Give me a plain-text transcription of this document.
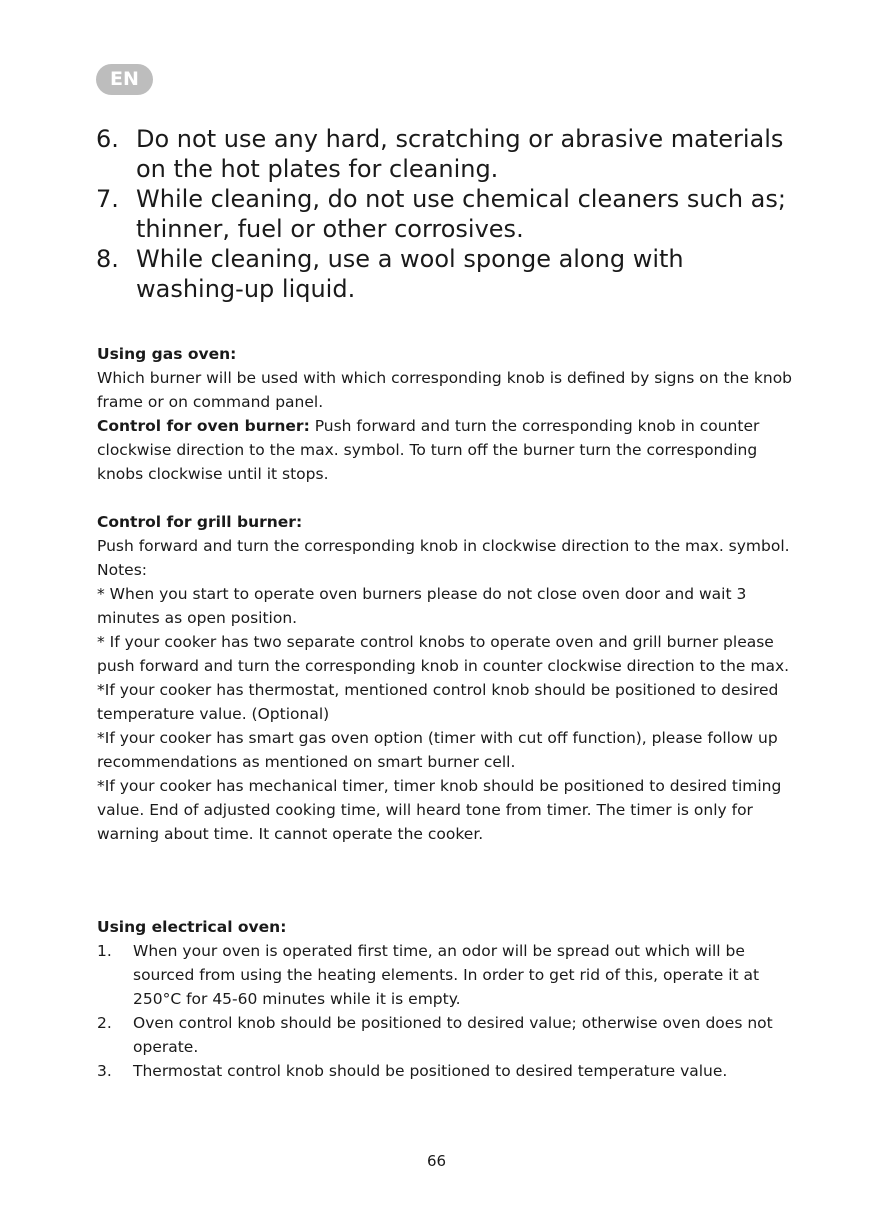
EN
6. Do not use any hard, scratching or abrasive materials on the hot plates for cleaning.
7. While cleaning, do not use chemical cleaners such as; thinner, fuel or other corrosives.
8. While cleaning, use a wool sponge along with washing-up liquid.

Using gas oven:

Which burner will be used with which corresponding knob is defined by signs on the knob frame or on command panel.

Control for oven burner: Push forward and turn the corresponding knob in counter clockwise direction to the max. symbol. To turn off the burner turn the corresponding knobs clockwise until it stops.

Control for grill burner:

Push forward and turn the corresponding knob in clockwise direction to the max. symbol.

Notes:

* When you start to operate oven burners please do not close oven door and wait 3 minutes as open position.

* If your cooker has two separate control knobs to operate oven and grill burner please push forward and turn the corresponding knob in counter clockwise direction to the max.

*If your cooker has thermostat, mentioned control knob should be positioned to desired temperature value. (Optional)

*If your cooker has smart gas oven option (timer with cut off function), please follow up recommendations as mentioned on smart burner cell.

*If your cooker has mechanical timer, timer knob should be positioned to desired timing value. End of adjusted cooking time, will heard tone from timer. The timer is only for warning about time. It cannot operate the cooker.

Using electrical oven:

1.	When your oven is operated first time, an odor will be spread out which will be sourced from using the heating elements. In order to get rid of this, operate it at 250°C for 45-60 minutes while it is empty.
2.	Oven control knob should be positioned to desired value; otherwise oven does not operate.
3.	Thermostat control knob should be positioned to desired temperature value.
66
